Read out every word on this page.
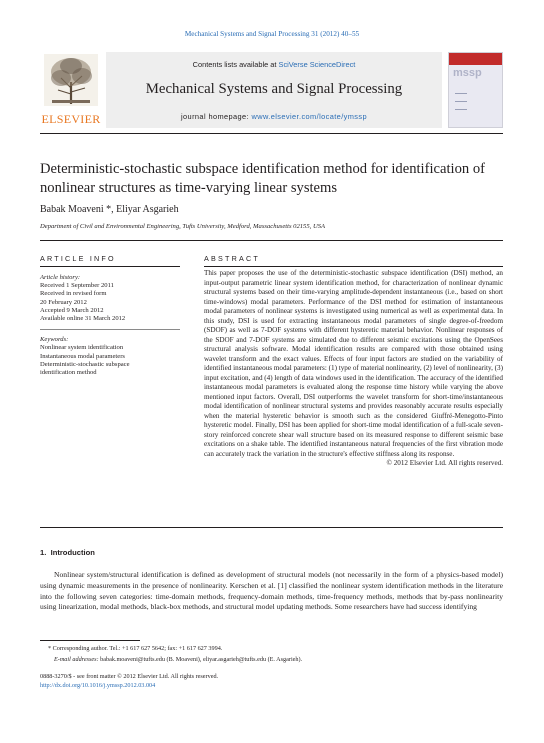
Mechanical Systems and Signal Processing 31 (2012) 40–55
ELSEVIER
Contents lists available at SciVerse ScienceDirect
Mechanical Systems and Signal Processing
journal homepage: www.elsevier.com/locate/ymssp
mssp
Deterministic-stochastic subspace identification method for identification of nonlinear structures as time-varying linear systems
Babak Moaveni *, Eliyar Asgarieh
Department of Civil and Environmental Engineering, Tufts University, Medford, Massachusetts 02155, USA
ARTICLE INFO
Article history:
Received 1 September 2011
Received in revised form
20 February 2012
Accepted 9 March 2012
Available online 31 March 2012
Keywords:
Nonlinear system identification
Instantaneous modal parameters
Deterministic-stochastic subspace
identification method
ABSTRACT
This paper proposes the use of the deterministic-stochastic subspace identification (DSI) method, an input-output parametric linear system identification method, for characterization of nonlinear dynamic structural systems based on their time-varying amplitude-dependent instantaneous (i.e., based on short time-windows) modal parameters. Performance of the DSI method for estimation of instantaneous modal parameters of nonlinear systems is investigated using numerical as well as experimental data. In this study, DSI is used for extracting instantaneous modal parameters of single degree-of-freedom (SDOF) as well as 7-DOF systems with different hysteretic material behavior. Nonlinear responses of the SDOF and 7-DOF systems are simulated due to different seismic excitations using the OpenSees structural analysis software. Modal identification results are compared with those obtained using wavelet transform and the exact values. Effects of four input factors are studied on the variability of identified instantaneous modal parameters: (1) type of material nonlinearity, (2) level of nonlinearity, (3) input excitation, and (4) length of data windows used in the identification. The accuracy of the identified instantaneous modal parameters is evaluated along the response time history while varying the above mentioned input factors. Overall, DSI outperforms the wavelet transform for short-time/instantaneous modal identification of nonlinear structural systems and provides reasonably accurate results especially when the material hysteretic behavior is smooth such as the considered Giuffré-Menegotto-Pinto hysteretic model. Finally, DSI has been applied for short-time modal identification of a full-scale seven-story reinforced concrete shear wall structure based on its measured response to different seismic base excitations on a shake table. The identified instantaneous natural frequencies of the first vibration mode can accurately track the variation in the structure's effective stiffness along its response.
© 2012 Elsevier Ltd. All rights reserved.
1. Introduction
Nonlinear system/structural identification is defined as development of structural models (not necessarily in the form of a physics-based model) using dynamic measurements in the presence of nonlinearity. Kerschen et al. [1] classified the nonlinear system identification methods in the literature into the following seven categories: time-domain methods, frequency-domain methods, time-frequency methods, methods that by-pass nonlinearity using linearization, modal methods, black-box methods, and structural model updating methods. Some researchers have had success identifying
* Corresponding author. Tel.: +1 617 627 5642; fax: +1 617 627 3994.
E-mail addresses: babak.moaveni@tufts.edu (B. Moaveni), eliyar.asgarieh@tufts.edu (E. Asgarieh).
0888-3270/$ - see front matter © 2012 Elsevier Ltd. All rights reserved.
http://dx.doi.org/10.1016/j.ymssp.2012.03.004
